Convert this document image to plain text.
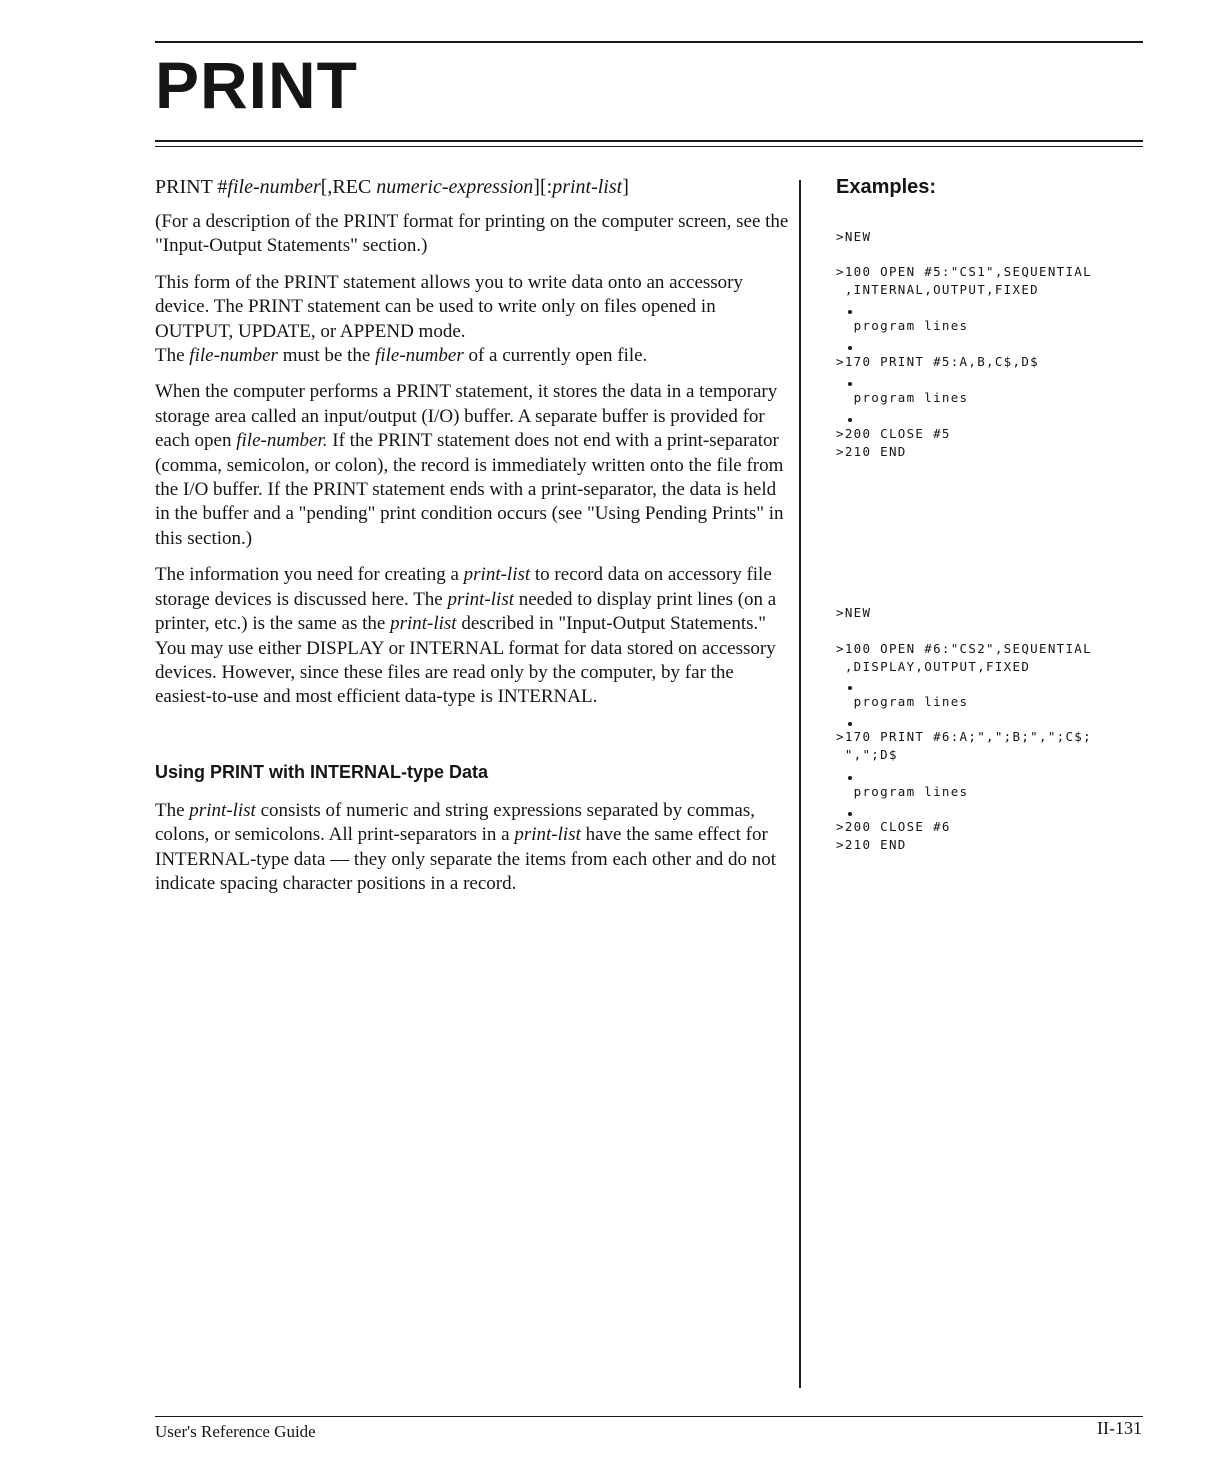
PRINT

PRINT #file-number[,REC numeric-expression][:print-list]

(For a description of the PRINT format for printing on the computer screen, see the "Input-Output Statements" section.)

This form of the PRINT statement allows you to write data onto an accessory device. The PRINT statement can be used to write only on files opened in OUTPUT, UPDATE, or APPEND mode.
The file-number must be the file-number of a currently open file.

When the computer performs a PRINT statement, it stores the data in a temporary storage area called an input/output (I/O) buffer. A separate buffer is provided for each open file-number. If the PRINT statement does not end with a print-separator (comma, semicolon, or colon), the record is immediately written onto the file from the I/O buffer. If the PRINT statement ends with a print-separator, the data is held in the buffer and a "pending" print condition occurs (see "Using Pending Prints" in this section.)

The information you need for creating a print-list to record data on accessory file storage devices is discussed here. The print-list needed to display print lines (on a printer, etc.) is the same as the print-list described in "Input-Output Statements." You may use either DISPLAY or INTERNAL format for data stored on accessory devices. However, since these files are read only by the computer, by far the easiest-to-use and most efficient data-type is INTERNAL.

Using PRINT with INTERNAL-type Data

The print-list consists of numeric and string expressions separated by commas, colons, or semicolons. All print-separators in a print-list have the same effect for INTERNAL-type data — they only separate the items from each other and do not indicate spacing character positions in a record.

Examples:
>NEW
>100 OPEN #5:"CS1",SEQUENTIAL
,INTERNAL,OUTPUT,FIXED
program lines
>170 PRINT #5:A,B,C$,D$
program lines
>200 CLOSE #5
>210 END
>NEW
>100 OPEN #6:"CS2",SEQUENTIAL
,DISPLAY,OUTPUT,FIXED
program lines
>170 PRINT #6:A;",";B;",";C$;
",";D$
program lines
>200 CLOSE #6
>210 END

User's Reference Guide	II-131
